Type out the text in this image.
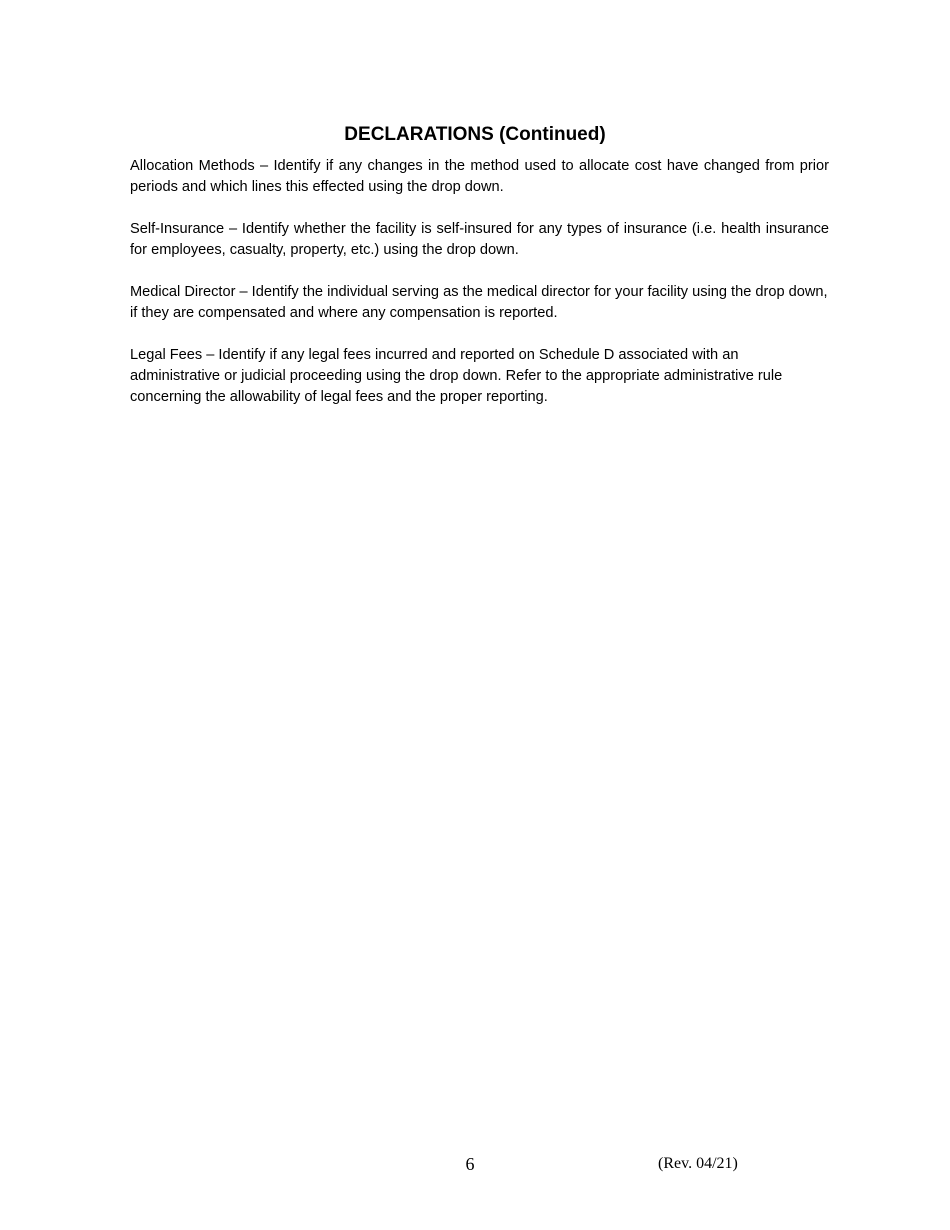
DECLARATIONS (Continued)

Allocation Methods – Identify if any changes in the method used to allocate cost have changed from prior periods and which lines this effected using the drop down.

Self-Insurance – Identify whether the facility is self-insured for any types of insurance (i.e. health insurance for employees, casualty, property, etc.) using the drop down.

Medical Director – Identify the individual serving as the medical director for your facility using the drop down, if they are compensated and where any compensation is reported.

Legal Fees – Identify if any legal fees incurred and reported on Schedule D associated with an administrative or judicial proceeding using the drop down. Refer to the appropriate administrative rule concerning the allowability of legal fees and the proper reporting.

6	(Rev. 04/21)
